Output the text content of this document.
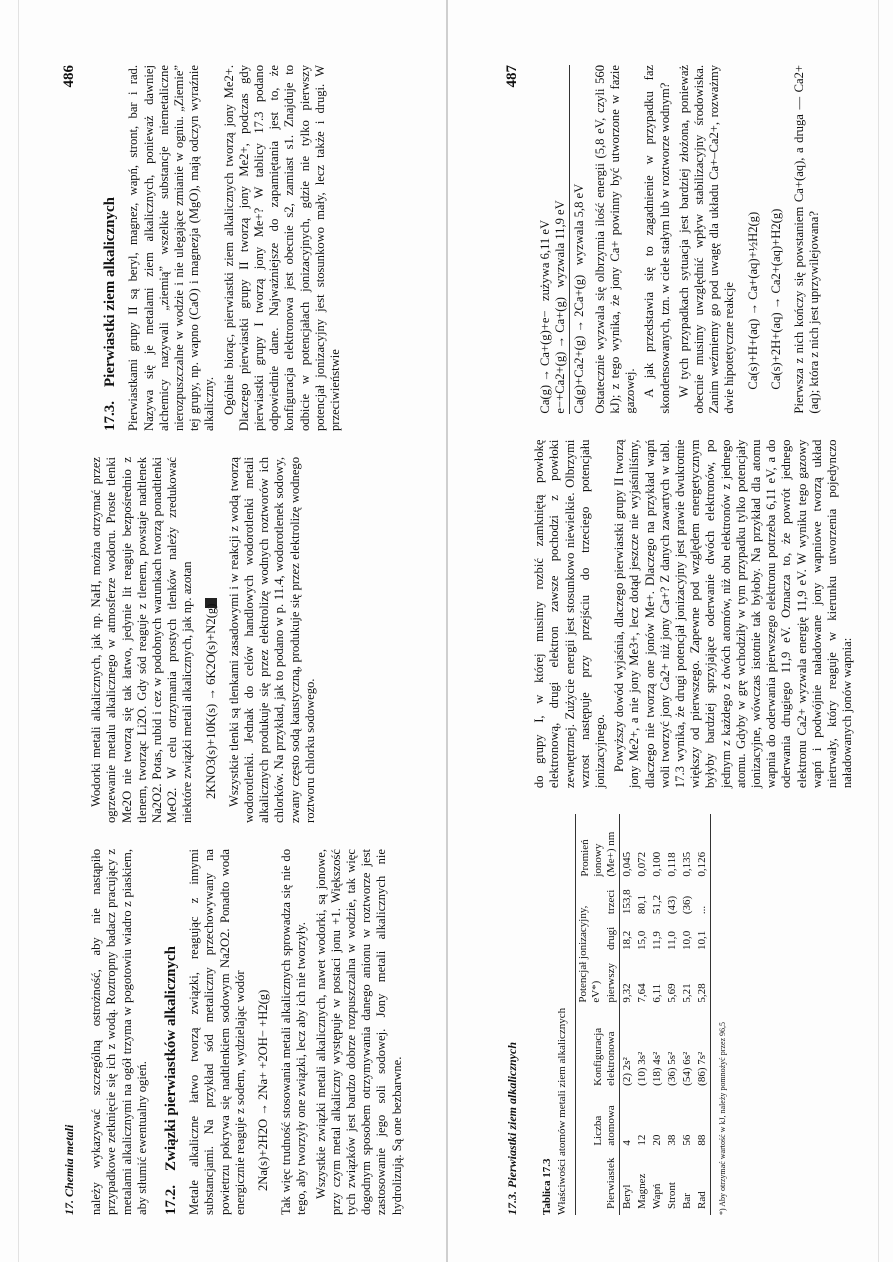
17. Chemia metali
486

należy wykazywać szczególną ostrożność, aby nie nastąpiło przypadkowe zetknięcie się ich z wodą. Roztropny badacz pracujący z metalami alkalicznymi na ogół trzyma w pogotowiu wiadro z piaskiem, aby stłumić ewentualny ogień. 17.2.Związki pierwiastków alkalicznych Metale alkaliczne łatwo tworzą związki, reagując z innymi substancjami. Na przykład sód metaliczny przechowywany na powietrzu pokrywa się nadtlenkiem sodowym Na2O2. Ponadto woda energicznie reaguje z sodem, wydzielając wodór 2Na(s)+2H2O → 2Na+ +2OH− +H2(g) Tak więc trudność stosowania metali alkalicznych sprowadza się nie do tego, aby tworzyły one związki, lecz aby ich nie tworzyły. Wszystkie związki metali alkalicznych, nawet wodorki, są jonowe, przy czym metal alkaliczny występuje w postaci jonu +1. Większość tych związków jest bardzo dobrze rozpuszczalna w wodzie, tak więc dogodnym sposobem otrzymywania danego anionu w roztworze jest zastosowanie jego soli sodowej. Jony metali alkalicznych nie hydrolizują. Są one bezbarwne.

Wodorki metali alkalicznych, jak np. NaH, można otrzymać przez ogrzewanie metalu alkalicznego w atmosferze wodoru. Proste tlenki Me2O nie tworzą się tak łatwo, jedynie lit reaguje bezpośrednio z tlenem, tworząc Li2O. Gdy sód reaguje z tlenem, powstaje nadtlenek Na2O2. Potas, rubid i cez w podobnych warunkach tworzą ponadtlenki MeO2. W celu otrzymania prostych tlenków należy zredukować niektóre związki metali alkalicznych, jak np. azotan 2KNO3(s)+10K(s) → 6K2O(s)+N2(g) Wszystkie tlenki są tlenkami zasadowymi i w reakcji z wodą tworzą wodorotlenki. Jednak do celów handlowych wodorotlenki metali alkalicznych produkuje się przez elektrolizę wodnych roztworów ich chlorków. Na przykład, jak to podano w p. 11.4, wodorotlenek sodowy, zwany często sodą kaustyczną, produkuje się przez elektrolizę wodnego roztworu chlorku sodowego.

17.3.Pierwiastki ziem alkalicznych Pierwiastkami grupy II są beryl, magnez, wapń, stront, bar i rad. Nazywa się je metalami ziem alkalicznych, ponieważ dawniej alchemicy nazywali „ziemią” wszelkie substancje niemetaliczne nierozpuszczalne w wodzie i nie ulegające zmianie w ogniu. „Ziemie” tej grupy, np. wapno (CaO) i magnezja (MgO), mają odczyn wyraźnie alkaliczny. Ogólnie biorąc, pierwiastki ziem alkalicznych tworzą jony Me2+. Dlaczego pierwiastki grupy II tworzą jony Me2+, podczas gdy pierwiastki grupy I tworzą jony Me+? W tablicy 17.3 podano odpowiednie dane. Najważniejsze do zapamiętania jest to, że konfiguracja elektronowa jest obecnie s2, zamiast s1. Znajduje to odbicie w potencjałach jonizacyjnych, gdzie nie tylko pierwszy potencjał jonizacyjny jest stosunkowo mały, lecz także i drugi. W przeciwieństwie

17.3. Pierwiastki ziem alkalicznych
487
Tablica 17.3 Właściwości atomów metali ziem alkalicznych	Pierwiastek	Liczba atomowa	Konfiguracja elektronowa	Potencjał jonizacyjny, eV*)			Promień jonowy (Me+) nm
			pierwszy	drugi	trzeci	
Beryl	4	(2) 2s²	9,32	18,2	153,8	0,045
Magnez	12	(10) 3s²	7,64	15,0	80,1	0,072
Wapń	20	(18) 4s²	6,11	11,9	51,2	0,100
Stront	38	(36) 5s²	5,69	11,0	(43)	0,118
Bar	56	(54) 6s²	5,21	10,0	(36)	0,135
Rad	88	(86) 7s²	5,28	10,1	...	0,126
*) Aby otrzymać wartość w kJ, należy pomnożyć przez 96,5

do grupy I, w której musimy rozbić zamkniętą powłokę elektronową, drugi elektron zawsze pochodzi z powłoki zewnętrznej. Zużycie energii jest stosunkowo niewielkie. Olbrzymi wzrost następuje przy przejściu do trzeciego potencjału jonizacyjnego. Powyższy dowód wyjaśnia, dlaczego pierwiastki grupy II tworzą jony Me2+, a nie jony Me3+, lecz dotąd jeszcze nie wyjaśniliśmy, dlaczego nie tworzą one jonów Me+. Dlaczego na przykład wapń woli tworzyć jony Ca2+ niż jony Ca+? Z danych zawartych w tabl. 17.3 wynika, że drugi potencjał jonizacyjny jest prawie dwukrotnie większy od pierwszego. Zapewne pod względem energetycznym byłyby bardziej sprzyjające oderwanie dwóch elektronów, po jednym z każdego z dwóch atomów, niż obu elektronów z jednego atomu. Gdyby w grę wchodziły w tym przypadku tylko potencjały jonizacyjne, wówczas istotnie tak byłoby. Na przykład dla atomu wapnia do oderwania pierwszego elektronu potrzeba 6,11 eV, a do oderwania drugiego 11,9 eV. Oznacza to, że powrót jednego elektronu Ca2+ wyzwala energię 11,9 eV. W wyniku tego gazowy wapń i podwójnie naładowane jony wapniowe tworzą układ nietrwały, który reaguje w kierunku utworzenia pojedynczo naładowanych jonów wapnia:

Ca(g) → Ca+(g)+e−   zużywa 6,11 eV
e−+Ca2+(g) → Ca+(g)   wyzwala 11,9 eV
Ca(g)+Ca2+(g) → 2Ca+(g)   wyzwala 5,8 eV Ostatecznie wyzwala się olbrzymia ilość energii (5,8 eV, czyli 560 kJ); z tego wynika, że jony Ca+ powinny być utworzone w fazie gazowej. A jak przedstawia się to zagadnienie w przypadku faz skondensowanych, tzn. w ciele stałym lub w roztworze wodnym? W tych przypadkach sytuacja jest bardziej złożona, ponieważ obecnie musimy uwzględnić wpływ stabilizacyjny środowiska. Zanim weźmiemy go pod uwagę dla układu Ca+–Ca2+, rozważmy dwie hipotetyczne reakcje Ca(s)+H+(aq) → Ca+(aq)+½H2(g) Ca(s)+2H+(aq) → Ca2+(aq)+H2(g) Pierwsza z nich kończy się powstaniem Ca+(aq), a druga — Ca2+(aq); która z nich jest uprzywilejowana?
